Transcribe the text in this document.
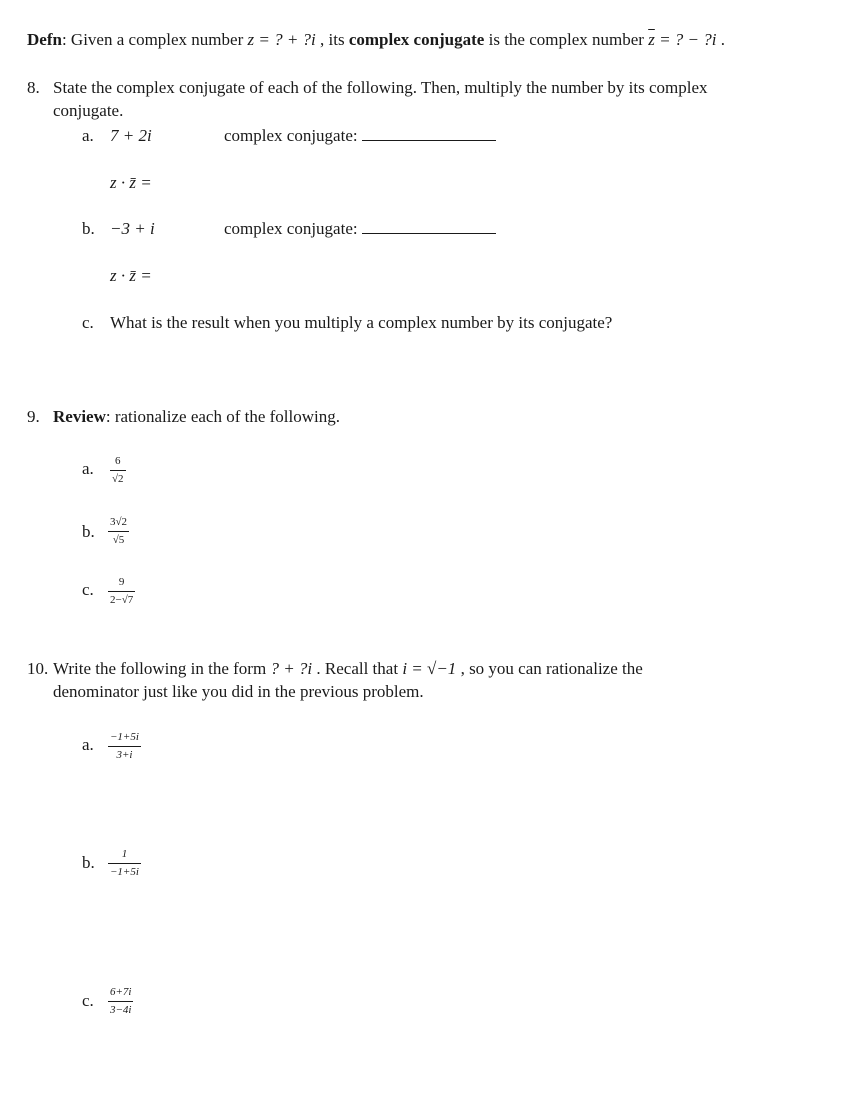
Defn: Given a complex number z = ? + ?i , its complex conjugate is the complex number $\overline{z}$ = ? − ?i .
8. State the complex conjugate of each of the following. Then, multiply the number by its complex
conjugate.
a. 7 + 2i	complex conjugate:
z · z̄ =
b. −3 + i	complex conjugate:
z · z̄ =
c. What is the result when you multiply a complex number by its conjugate?
9. Review: rationalize each of the following.
a. 6
√2
b. 3√2
√5
c. 9
2−√7
10. Write the following in the form ? + ?i . Recall that i = √−1 , so you can rationalize the
denominator just like you did in the previous problem.
a. −1+5i
3+i
b. 1
−1+5i
c. 6+7i
3−4i
